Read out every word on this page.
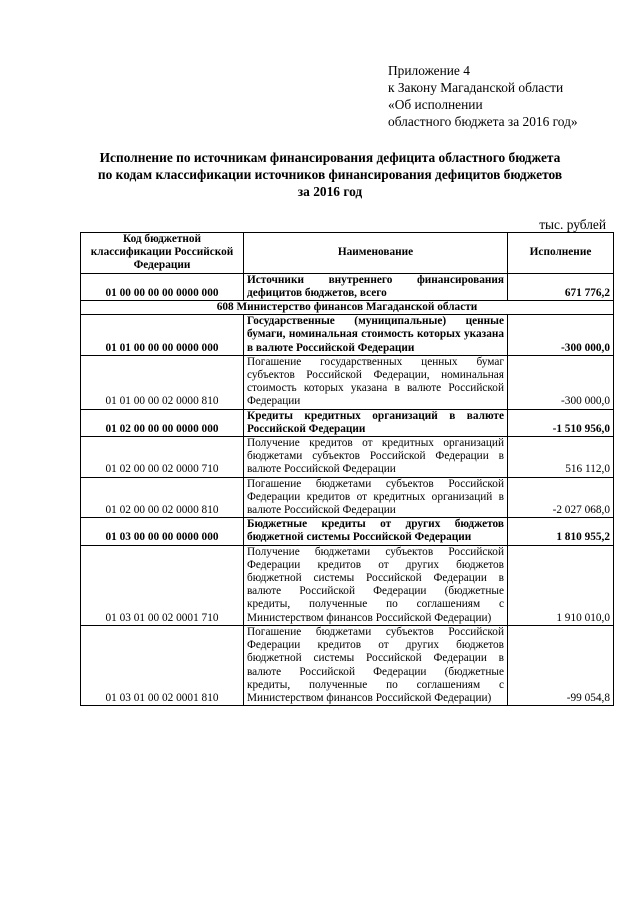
Приложение 4
к Закону Магаданской области
«Об исполнении
областного бюджета за 2016 год»
Исполнение по источникам финансирования дефицита областного бюджета
по кодам классификации источников финансирования дефицитов бюджетов
за 2016 год
тыс. рублей
Код бюджетной классификации Российской Федерации	Наименование	Исполнение
01 00 00 00 00 0000 000	Источники внутреннего финансирования дефицитов бюджетов, всего	671 776,2
608 Министерство финансов Магаданской области		
01 01 00 00 00 0000 000	Государственные (муниципальные) ценные бумаги, номинальная стоимость которых указана в валюте Российской Федерации	-300 000,0
01 01 00 00 02 0000 810	Погашение государственных ценных бумаг субъектов Российской Федерации, номинальная стоимость которых указана в валюте Российской Федерации	-300 000,0
01 02 00 00 00 0000 000	Кредиты кредитных организаций в валюте Российской Федерации	-1 510 956,0
01 02 00 00 02 0000 710	Получение кредитов от кредитных организаций бюджетами субъектов Российской Федерации в валюте Российской Федерации	516 112,0
01 02 00 00 02 0000 810	Погашение бюджетами субъектов Российской Федерации кредитов от кредитных организаций в валюте Российской Федерации	-2 027 068,0
01 03 00 00 00 0000 000	Бюджетные кредиты от других бюджетов бюджетной системы Российской Федерации	1 810 955,2
01 03 01 00 02 0001 710	Получение бюджетами субъектов Российской Федерации кредитов от других бюджетов бюджетной системы Российской Федерации в валюте Российской Федерации (бюджетные кредиты, полученные по соглашениям с Министерством финансов Российской Федерации)	1 910 010,0
01 03 01 00 02 0001 810	Погашение бюджетами субъектов Российской Федерации кредитов от других бюджетов бюджетной системы Российской Федерации в валюте Российской Федерации (бюджетные кредиты, полученные по соглашениям с Министерством финансов Российской Федерации)	-99 054,8
